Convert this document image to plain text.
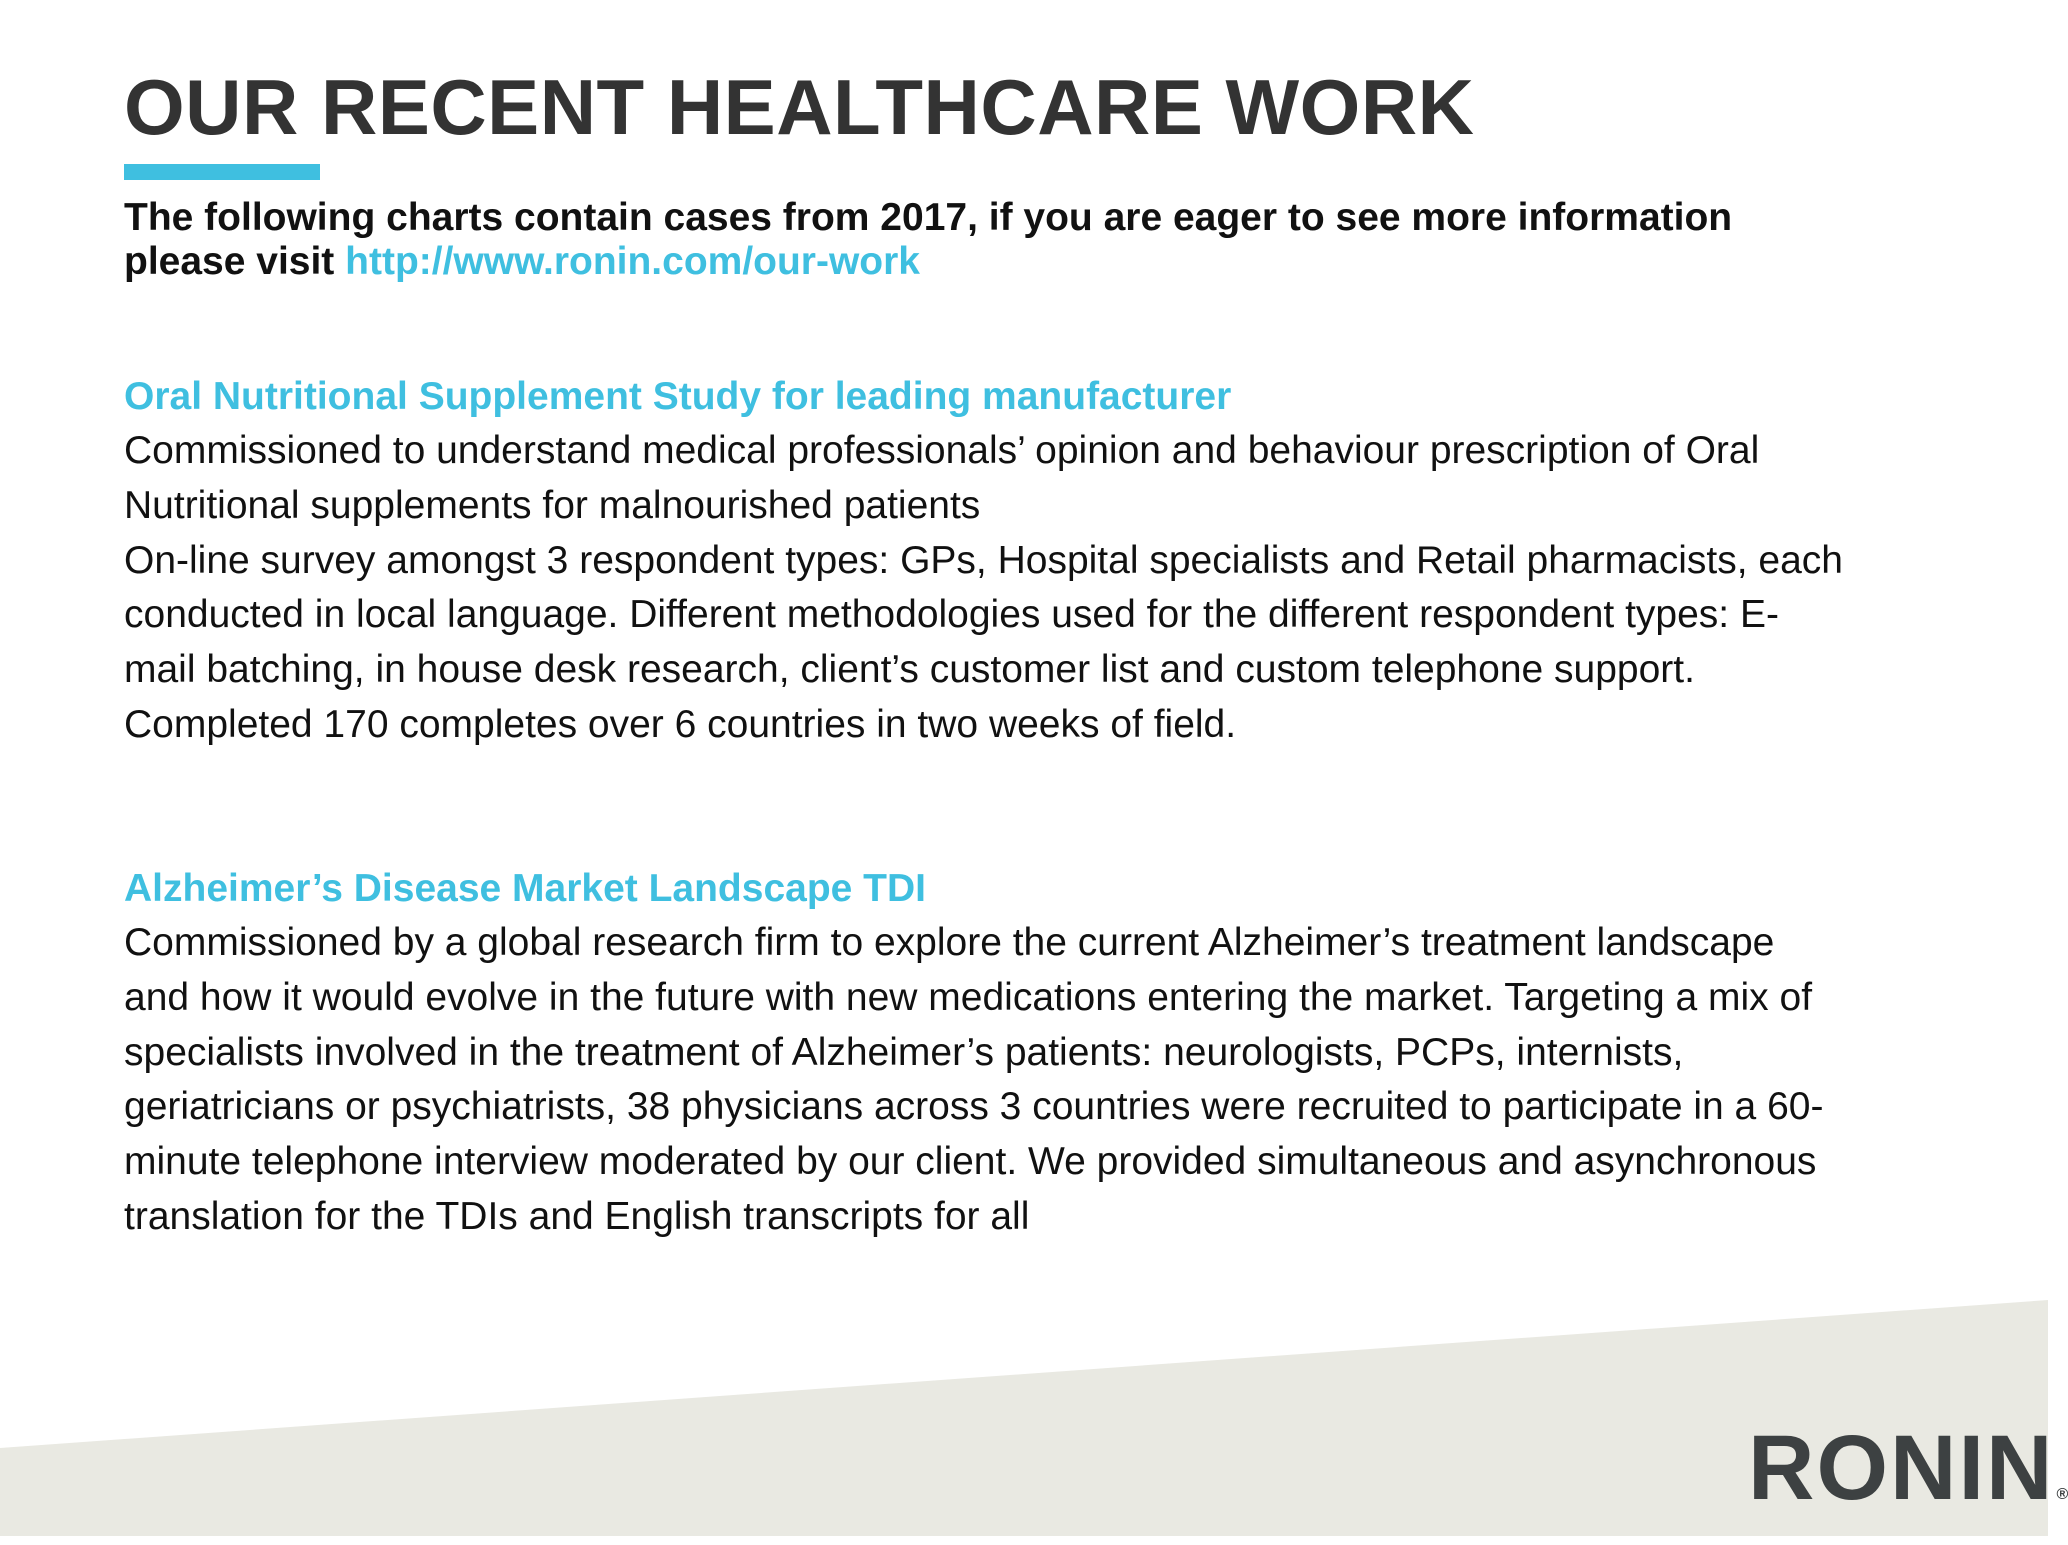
OUR RECENT HEALTHCARE WORK

The following charts contain cases from 2017, if you are eager to see more information
please visit http://www.ronin.com/our-work

Oral Nutritional Supplement Study for leading manufacturer

Commissioned to understand medical professionals’ opinion and behaviour prescription of Oral Nutritional supplements for malnourished patients

On-line survey amongst 3 respondent types: GPs, Hospital specialists and Retail pharmacists, each conducted in local language. Different methodologies used for the different respondent types: E-mail batching, in house desk research, client’s customer list and custom telephone support.

Completed 170 completes over 6 countries in two weeks of field.

Alzheimer’s Disease Market Landscape TDI

Commissioned by a global research firm to explore the current Alzheimer’s treatment landscape and how it would evolve in the future with new medications entering the market. Targeting a mix of specialists involved in the treatment of Alzheimer’s patients: neurologists, PCPs, internists, geriatricians or psychiatrists, 38 physicians across 3 countries were recruited to participate in a 60-minute telephone interview moderated by our client. We provided simultaneous and asynchronous translation for the TDIs and English transcripts for all

RONIN ®
